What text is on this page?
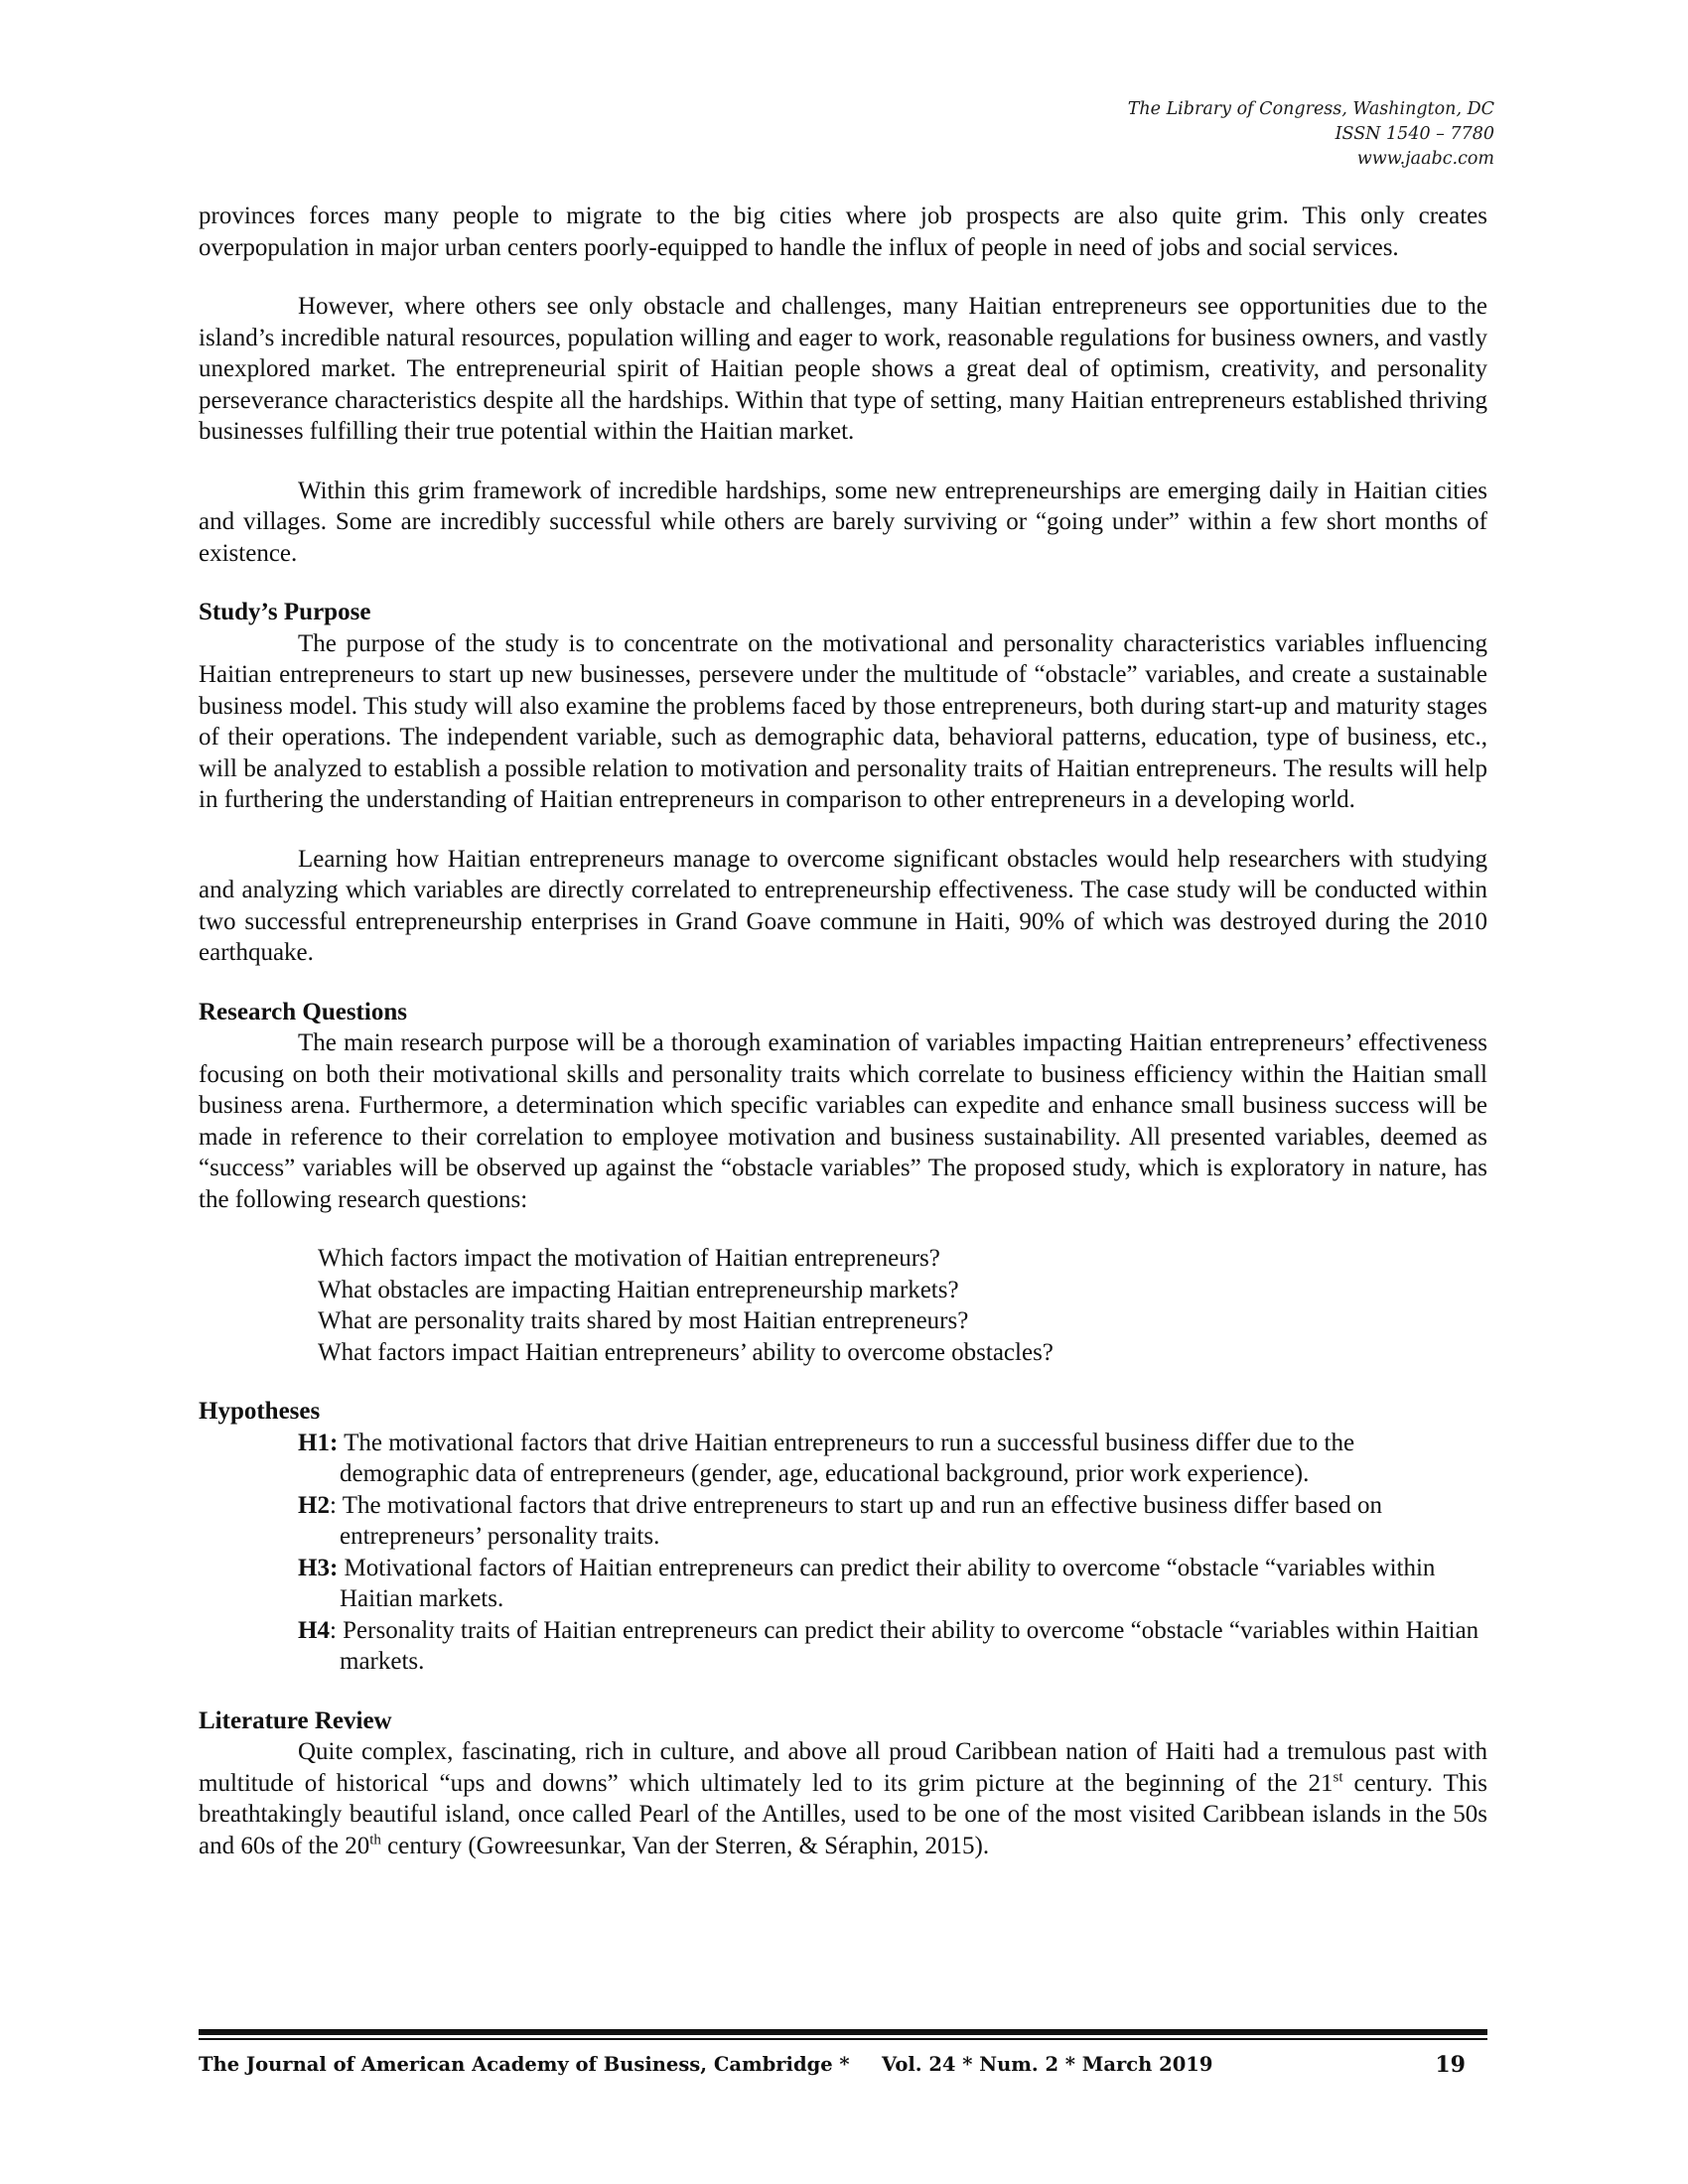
The Library of Congress, Washington, DC
ISSN 1540 – 7780
www.jaabc.com

provinces forces many people to migrate to the big cities where job prospects are also quite grim. This only creates overpopulation in major urban centers poorly-equipped to handle the influx of people in need of jobs and social services.

However, where others see only obstacle and challenges, many Haitian entrepreneurs see opportunities due to the island’s incredible natural resources, population willing and eager to work, reasonable regulations for business owners, and vastly unexplored market. The entrepreneurial spirit of Haitian people shows a great deal of optimism, creativity, and personality perseverance characteristics despite all the hardships. Within that type of setting, many Haitian entrepreneurs established thriving businesses fulfilling their true potential within the Haitian market.

Within this grim framework of incredible hardships, some new entrepreneurships are emerging daily in Haitian cities and villages. Some are incredibly successful while others are barely surviving or “going under” within a few short months of existence.

Study’s Purpose

The purpose of the study is to concentrate on the motivational and personality characteristics variables influencing Haitian entrepreneurs to start up new businesses, persevere under the multitude of “obstacle” variables, and create a sustainable business model. This study will also examine the problems faced by those entrepreneurs, both during start-up and maturity stages of their operations. The independent variable, such as demographic data, behavioral patterns, education, type of business, etc., will be analyzed to establish a possible relation to motivation and personality traits of Haitian entrepreneurs. The results will help in furthering the understanding of Haitian entrepreneurs in comparison to other entrepreneurs in a developing world.

Learning how Haitian entrepreneurs manage to overcome significant obstacles would help researchers with studying and analyzing which variables are directly correlated to entrepreneurship effectiveness. The case study will be conducted within two successful entrepreneurship enterprises in Grand Goave commune in Haiti, 90% of which was destroyed during the 2010 earthquake.

Research Questions

The main research purpose will be a thorough examination of variables impacting Haitian entrepreneurs’ effectiveness focusing on both their motivational skills and personality traits which correlate to business efficiency within the Haitian small business arena. Furthermore, a determination which specific variables can expedite and enhance small business success will be made in reference to their correlation to employee motivation and business sustainability. All presented variables, deemed as “success” variables will be observed up against the “obstacle variables” The proposed study, which is exploratory in nature, has the following research questions:

Which factors impact the motivation of Haitian entrepreneurs?
What obstacles are impacting Haitian entrepreneurship markets?
What are personality traits shared by most Haitian entrepreneurs?
What factors impact Haitian entrepreneurs’ ability to overcome obstacles?
Hypotheses
H1: The motivational factors that drive Haitian entrepreneurs to run a successful business differ due to the demographic data of entrepreneurs (gender, age, educational background, prior work experience).
H2: The motivational factors that drive entrepreneurs to start up and run an effective business differ based on entrepreneurs’ personality traits.
H3: Motivational factors of Haitian entrepreneurs can predict their ability to overcome “obstacle “variables within Haitian markets.
H4: Personality traits of Haitian entrepreneurs can predict their ability to overcome “obstacle “variables within Haitian markets.
Literature Review

Quite complex, fascinating, rich in culture, and above all proud Caribbean nation of Haiti had a tremulous past with multitude of historical “ups and downs” which ultimately led to its grim picture at the beginning of the 21st century. This breathtakingly beautiful island, once called Pearl of the Antilles, used to be one of the most visited Caribbean islands in the 50s and 60s of the 20th century (Gowreesunkar, Van der Sterren, & Séraphin, 2015).

The Journal of American Academy of Business, Cambridge * Vol. 24 * Num. 2 * March 2019	19
